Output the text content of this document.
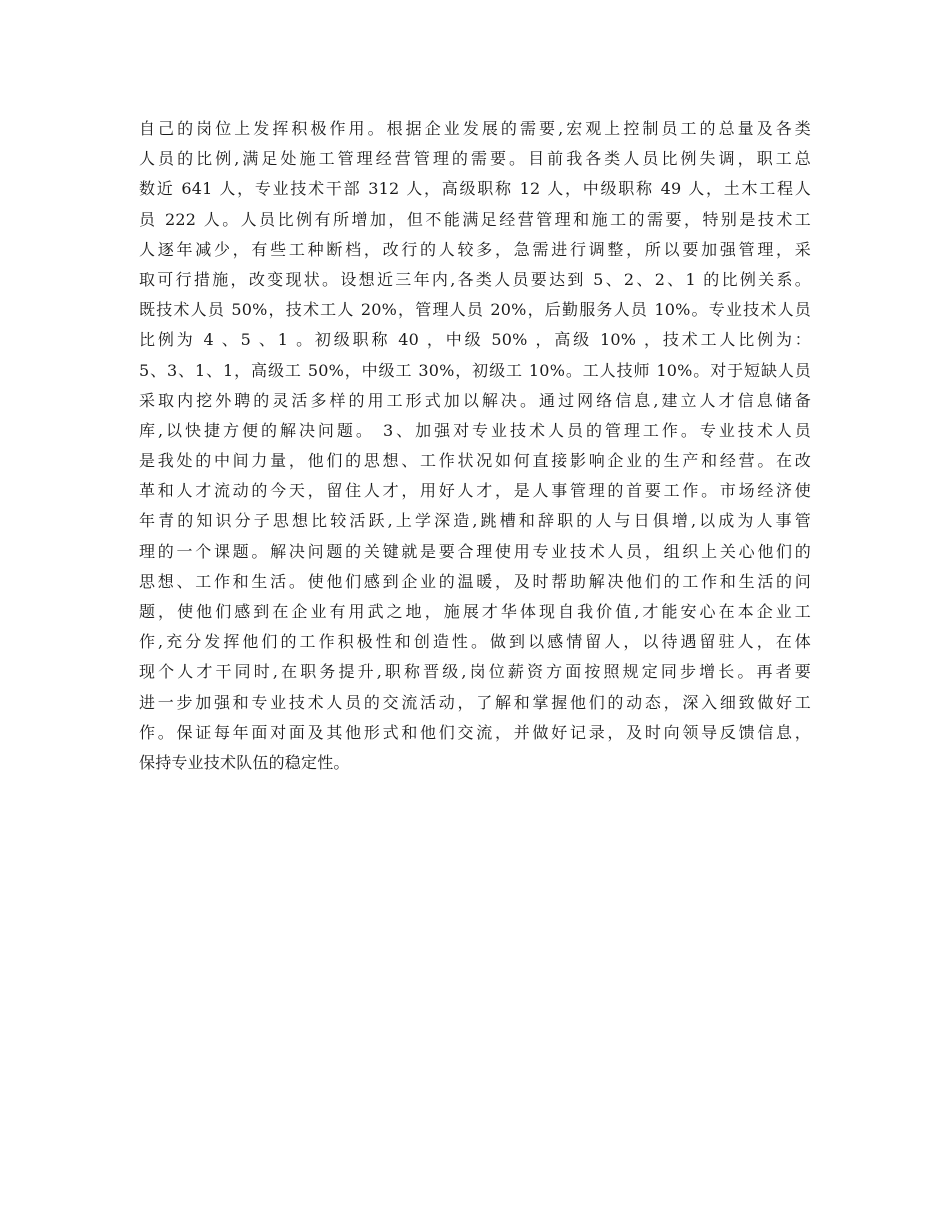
自己的岗位上发挥积极作用。根据企业发展的需要,宏观上控制员工的总量及各类
人员的比例,满足处施工管理经营管理的需要。目前我各类人员比例失调，职工总
数近 641 人，专业技术干部 312 人，高级职称 12 人，中级职称 49 人，土木工程人
员 222 人。人员比例有所增加，但不能满足经营管理和施工的需要，特别是技术工
人逐年减少，有些工种断档，改行的人较多，急需进行调整，所以要加强管理，采
取可行措施，改变现状。设想近三年内,各类人员要达到 5、2、2、1 的比例关系。
既技术人员 50%，技术工人 20%，管理人员 20%，后勤服务人员 10%。专业技术人员
比例为 4 、5 、1 。初级职称 40 ，中级 50% ，高级 10% ，技术工人比例为：
5、3、1、1，高级工 50%，中级工 30%，初级工 10%。工人技师 10%。对于短缺人员
采取内挖外聘的灵活多样的用工形式加以解决。通过网络信息,建立人才信息储备
库,以快捷方便的解决问题。 3、加强对专业技术人员的管理工作。专业技术人员
是我处的中间力量，他们的思想、工作状况如何直接影响企业的生产和经营。在改
革和人才流动的今天，留住人才，用好人才，是人事管理的首要工作。市场经济使
年青的知识分子思想比较活跃,上学深造,跳槽和辞职的人与日俱增,以成为人事管
理的一个课题。解决问题的关键就是要合理使用专业技术人员，组织上关心他们的
思想、工作和生活。使他们感到企业的温暖，及时帮助解决他们的工作和生活的问
题，使他们感到在企业有用武之地，施展才华体现自我价值,才能安心在本企业工
作,充分发挥他们的工作积极性和创造性。做到以感情留人，以待遇留驻人，在体
现个人才干同时,在职务提升,职称晋级,岗位薪资方面按照规定同步增长。再者要
进一步加强和专业技术人员的交流活动，了解和掌握他们的动态，深入细致做好工
作。保证每年面对面及其他形式和他们交流，并做好记录，及时向领导反馈信息，
保持专业技术队伍的稳定性。
